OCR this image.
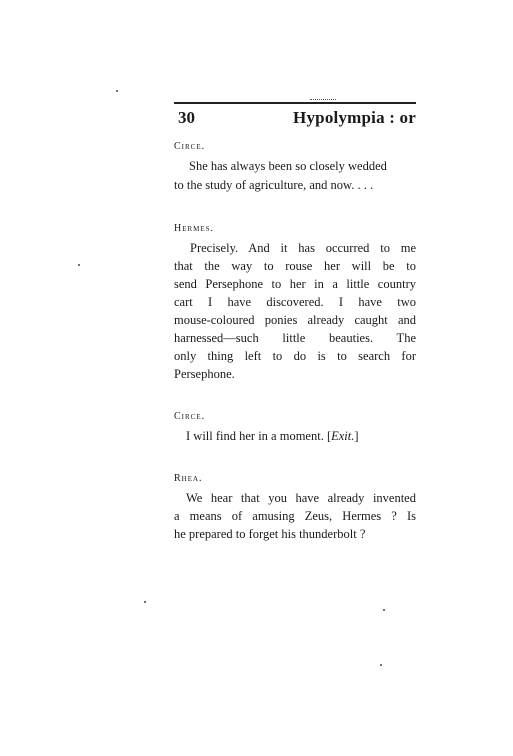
30	Hypolympia : or
Circe.
She has always been so closely wedded
to the study of agriculture, and now. . . .
Hermes.
Precisely. And it has occurred to me
that the way to rouse her will be to
send Persephone to her in a little country
cart I have discovered. I have two
mouse-coloured ponies already caught and
harnessed—such little beauties. The
only thing left to do is to search for
Persephone.
Circe.
I will find her in a moment. [Exit.]
Rhea.
We hear that you have already invented
a means of amusing Zeus, Hermes ? Is
he prepared to forget his thunderbolt ?
